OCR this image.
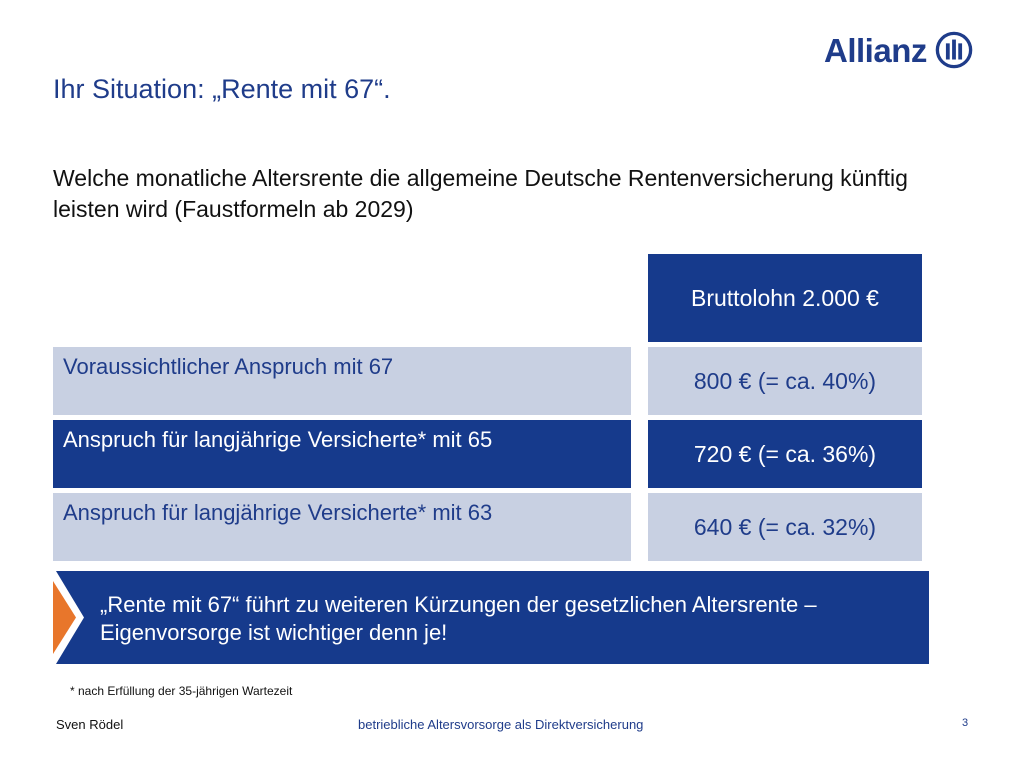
Allianz
Ihr Situation: „Rente mit 67“.

Welche monatliche Altersrente die allgemeine Deutsche Rentenversicherung künftig leisten wird (Faustformeln ab 2029)

Bruttolohn 2.000 €
Voraussichtlicher Anspruch mit 67
800 € (= ca. 40%)
Anspruch für langjährige Versicherte* mit 65
720 € (= ca. 36%)
Anspruch für langjährige Versicherte* mit 63
640 € (= ca. 32%)

„Rente mit 67“ führt zu weiteren Kürzungen der gesetzlichen Altersrente – Eigenvorsorge ist wichtiger denn je!

* nach Erfüllung der 35-jährigen Wartezeit
Sven Rödel	betriebliche Altersvorsorge als Direktversicherung	3
